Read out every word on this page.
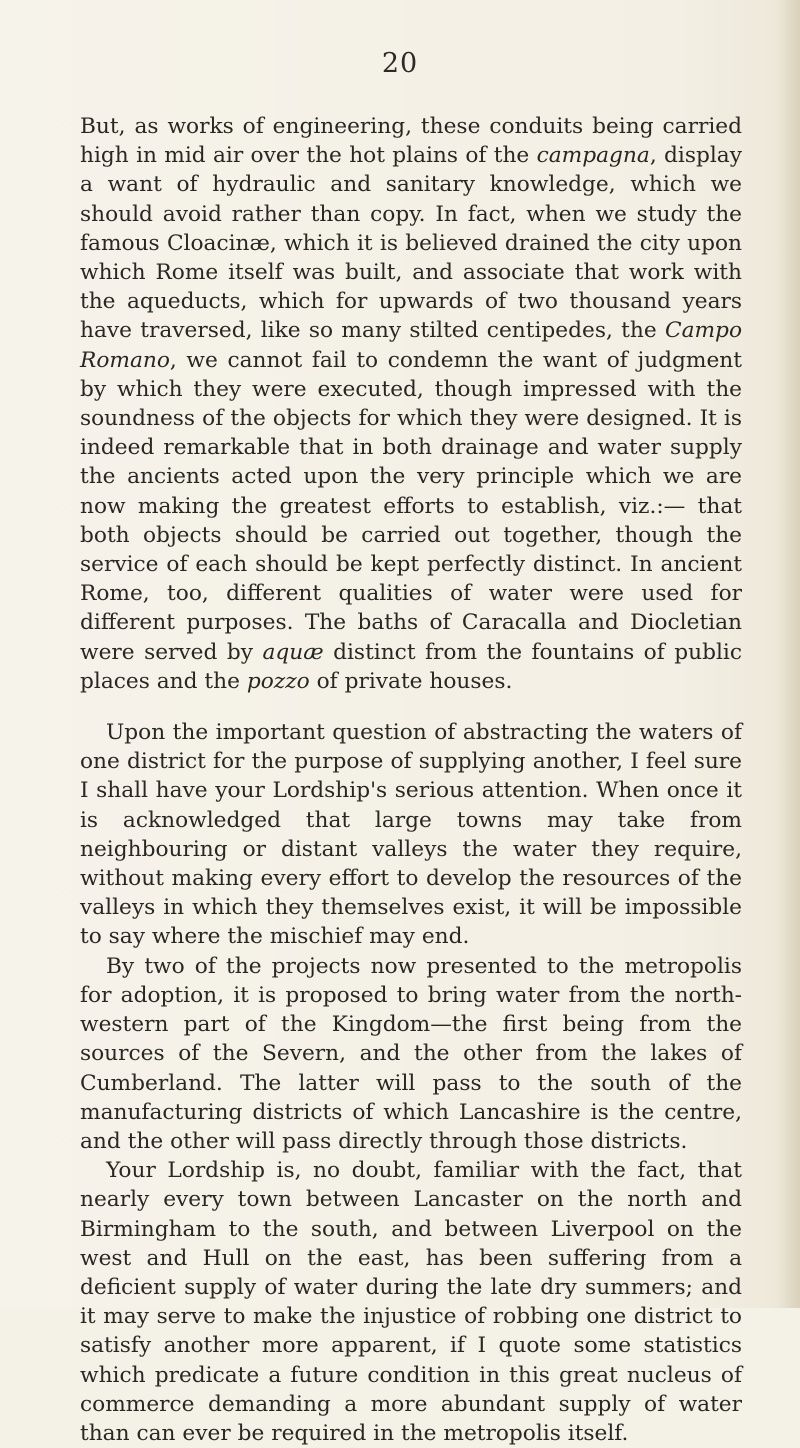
20

But, as works of engineering, these conduits being carried high in mid air over the hot plains of the campagna, display a want of hydraulic and sanitary knowledge, which we should avoid rather than copy. In fact, when we study the famous Cloacinæ, which it is believed drained the city upon which Rome itself was built, and associate that work with the aqueducts, which for upwards of two thousand years have traversed, like so many stilted centipedes, the Campo Romano, we cannot fail to condemn the want of judgment by which they were executed, though impressed with the soundness of the objects for which they were designed. It is indeed remarkable that in both drainage and water supply the ancients acted upon the very principle which we are now making the greatest efforts to establish, viz.:— that both objects should be carried out together, though the service of each should be kept perfectly distinct. In ancient Rome, too, different qualities of water were used for different purposes. The baths of Caracalla and Diocletian were served by aquæ distinct from the fountains of public places and the pozzo of private houses.

Upon the important question of abstracting the waters of one district for the purpose of supplying another, I feel sure I shall have your Lordship's serious attention. When once it is acknowledged that large towns may take from neighbouring or distant valleys the water they require, without making every effort to develop the resources of the valleys in which they themselves exist, it will be impossible to say where the mischief may end.

By two of the projects now presented to the metropolis for adoption, it is proposed to bring water from the north-western part of the Kingdom—the first being from the sources of the Severn, and the other from the lakes of Cumberland. The latter will pass to the south of the manufacturing districts of which Lancashire is the centre, and the other will pass directly through those districts.

Your Lordship is, no doubt, familiar with the fact, that nearly every town between Lancaster on the north and Birmingham to the south, and between Liverpool on the west and Hull on the east, has been suffering from a deficient supply of water during the late dry summers; and it may serve to make the injustice of robbing one district to satisfy another more apparent, if I quote some statistics which predicate a future condition in this great nucleus of commerce demanding a more abundant supply of water than can ever be required in the metropolis itself.
